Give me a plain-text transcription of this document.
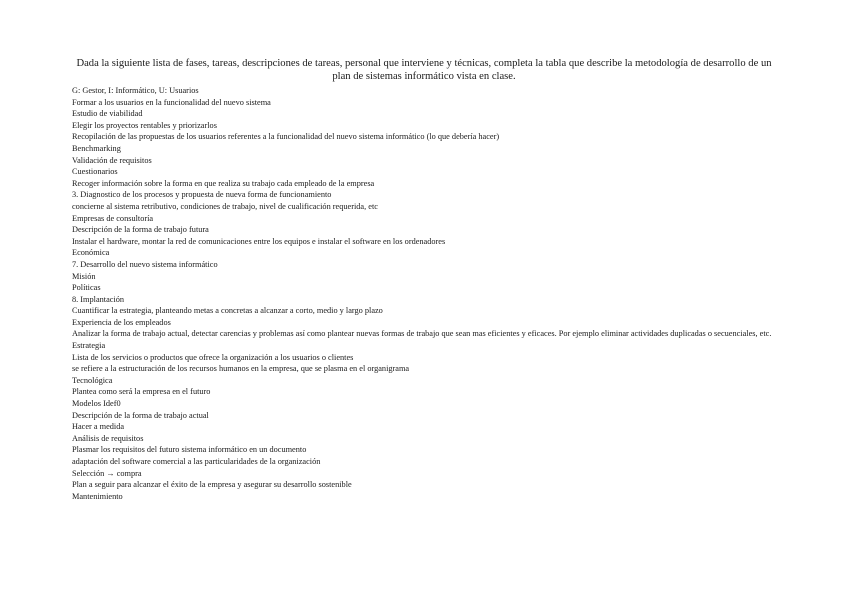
Dada la siguiente lista de fases, tareas, descripciones de tareas, personal que interviene y técnicas, completa la tabla que describe la metodología de desarrollo de un plan de sistemas informático vista en clase.

G: Gestor, I: Informático, U: Usuarios
Formar a los usuarios en la funcionalidad del nuevo sistema
Estudio de viabilidad
Elegir los proyectos rentables y priorizarlos
Recopilación de las propuestas de los usuarios referentes a la funcionalidad del nuevo sistema informático (lo que debería hacer)
Benchmarking
Validación de requisitos
Cuestionarios
Recoger información sobre la forma en que realiza su trabajo cada empleado de la empresa
3. Diagnostico de los procesos y propuesta de nueva forma de funcionamiento
concierne al sistema retributivo, condiciones de trabajo, nivel de cualificación requerida, etc
Empresas de consultoría
Descripción de la forma de trabajo futura
Instalar el hardware, montar la red de comunicaciones entre los equipos e instalar el software en los ordenadores
Económica
7. Desarrollo del nuevo sistema informático
Misión
Políticas
8. Implantación
Cuantificar la estrategia, planteando metas a concretas a alcanzar a corto, medio y largo plazo
Experiencia de los empleados
Analizar la forma de trabajo actual, detectar carencias y problemas así como plantear nuevas formas de trabajo que sean mas eficientes y eficaces. Por ejemplo eliminar actividades duplicadas o secuenciales, etc.
Estrategia
Lista de los servicios o productos que ofrece la organización a los usuarios o clientes
se refiere a la estructuración de los recursos humanos en la empresa, que se plasma en el organigrama
Tecnológica
Plantea como será la empresa en el futuro
Modelos Idef0
Descripción de la forma de trabajo actual
Hacer a medida
Análisis de requisitos
Plasmar los requisitos del futuro sistema informático en un documento
adaptación del software comercial a las particularidades de la organización
Selección → compra
Plan a seguir para alcanzar el éxito de la empresa y asegurar su desarrollo sostenible
Mantenimiento
